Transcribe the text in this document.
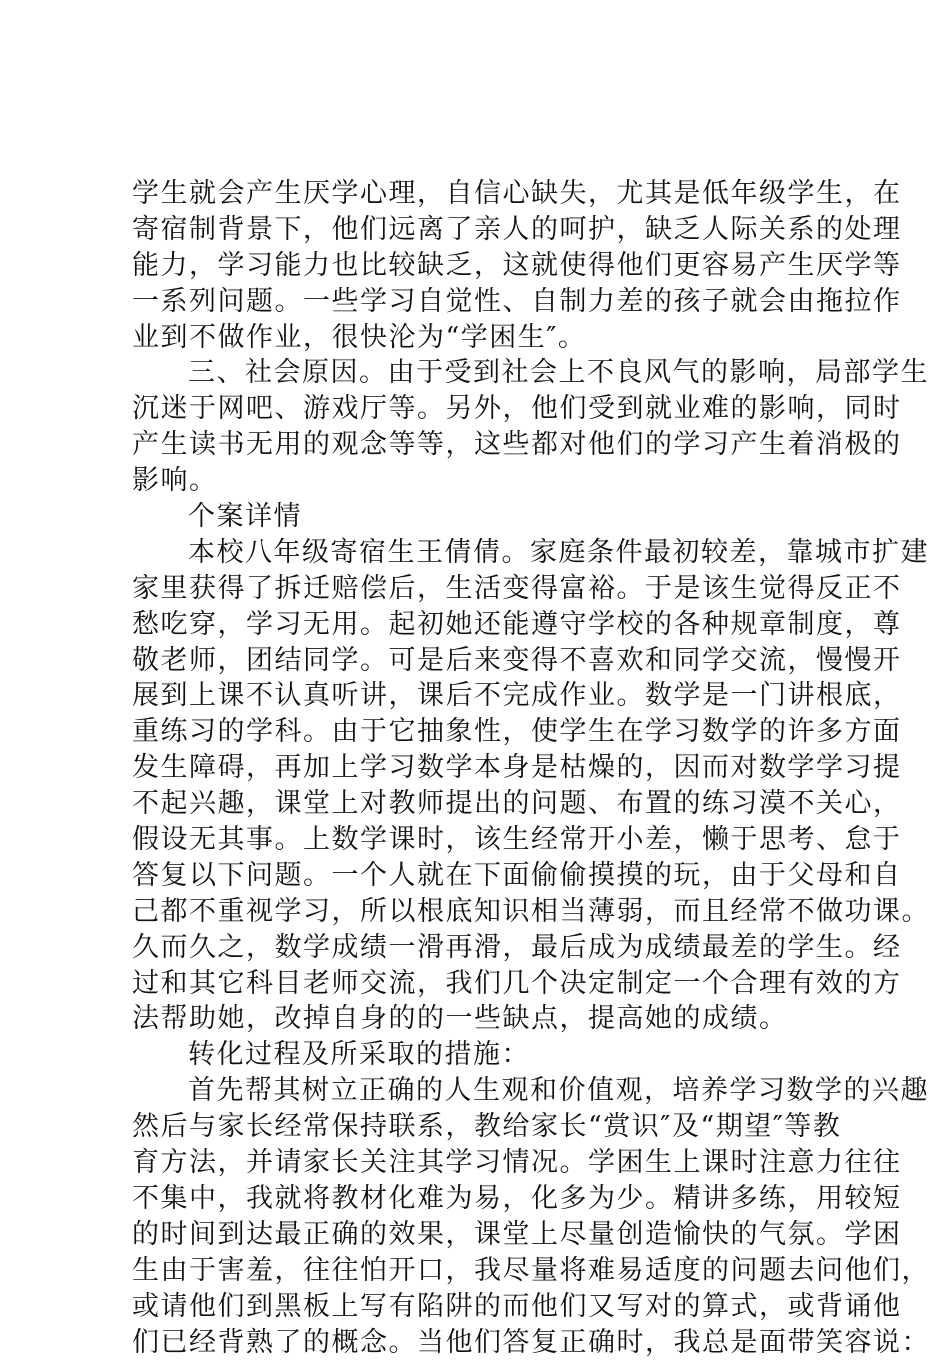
学生就会产生厌学心理，自信心缺失，尤其是低年级学生，在
寄宿制背景下，他们远离了亲人的呵护，缺乏人际关系的处理
能力，学习能力也比较缺乏，这就使得他们更容易产生厌学等
一系列问题。一些学习自觉性、自制力差的孩子就会由拖拉作
业到不做作业，很快沦为“学困生″。
三、社会原因。由于受到社会上不良风气的影响，局部学生
沉迷于网吧、游戏厅等。另外，他们受到就业难的影响，同时
产生读书无用的观念等等，这些都对他们的学习产生着消极的
影响。
个案详情
本校八年级寄宿生王倩倩。家庭条件最初较差，靠城市扩建
家里获得了拆迁赔偿后，生活变得富裕。于是该生觉得反正不
愁吃穿，学习无用。起初她还能遵守学校的各种规章制度，尊
敬老师，团结同学。可是后来变得不喜欢和同学交流，慢慢开
展到上课不认真听讲，课后不完成作业。数学是一门讲根底，
重练习的学科。由于它抽象性，使学生在学习数学的许多方面
发生障碍，再加上学习数学本身是枯燥的，因而对数学学习提
不起兴趣，课堂上对教师提出的问题、布置的练习漠不关心，
假设无其事。上数学课时，该生经常开小差，懒于思考、怠于
答复以下问题。一个人就在下面偷偷摸摸的玩，由于父母和自
己都不重视学习，所以根底知识相当薄弱，而且经常不做功课。
久而久之，数学成绩一滑再滑，最后成为成绩最差的学生。经
过和其它科目老师交流，我们几个决定制定一个合理有效的方
法帮助她，改掉自身的的一些缺点，提高她的成绩。
转化过程及所采取的措施：
首先帮其树立正确的人生观和价值观，培养学习数学的兴趣
然后与家长经常保持联系，教给家长“赏识″及“期望″等教
育方法，并请家长关注其学习情况。学困生上课时注意力往往
不集中，我就将教材化难为易，化多为少。精讲多练，用较短
的时间到达最正确的效果，课堂上尽量创造愉快的气氛。学困
生由于害羞，往往怕开口，我尽量将难易适度的问题去问他们，
或请他们到黑板上写有陷阱的而他们又写对的算式，或背诵他
们已经背熟了的概念。当他们答复正确时，我总是面带笑容说：
